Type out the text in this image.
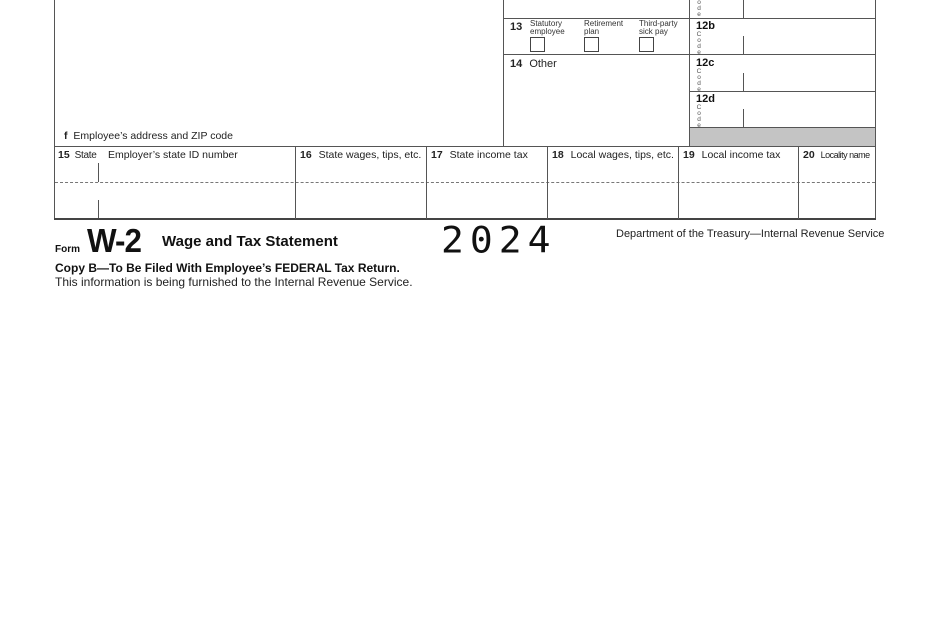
f Employee’s address and ZIP code
13 Statutory
employee
Retirement
plan
Third-party
sick pay
14 Other
o
d
e
12b
C
o
d
e
12c
C
o
d
e
12d
C
o
d
e
15 State Employer’s state ID number	16 State wages, tips, etc. 17 State income tax 18 Local wages, tips, etc. 19 Local income tax 20 Locality name
Form W-2 Wage and Tax Statement	2024	Department of the Treasury—Internal Revenue Service
Copy B—To Be Filed With Employee’s FEDERAL Tax Return.
This information is being furnished to the Internal Revenue Service.
